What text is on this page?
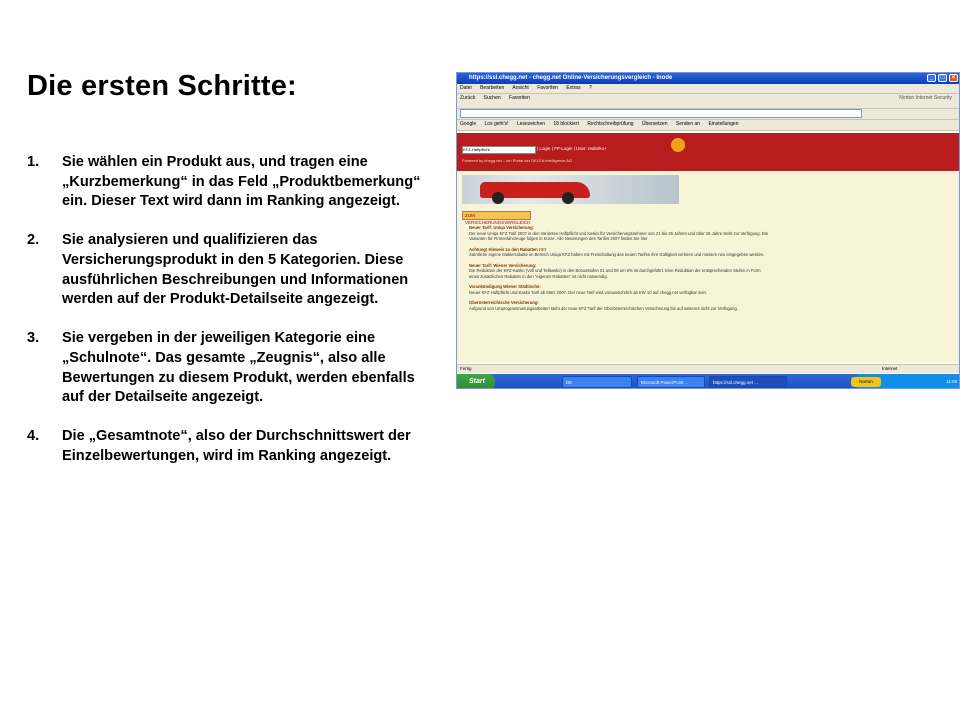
Die ersten Schritte:
1. Sie wählen ein Produkt aus, und tragen eine „Kurzbemerkung“ in das Feld „Produktbemerkung“ ein. Dieser Text wird dann im Ranking angezeigt.
2. Sie analysieren und qualifizieren das Versicherungsprodukt in den 5 Kategorien. Diese ausführlichen Beschreibungen und Informationen werden auf der Produkt-Detailseite angezeigt.
3. Sie vergeben in der jeweiligen Kategorie eine „Schulnote“. Das gesamte „Zeugnis“, also alle Bewertungen zu diesem Produkt, werden ebenfalls auf der Detailseite angezeigt.
4. Die „Gesamtnote“, also der Durchschnittswert der Einzelbewertungen, wird im Ranking angezeigt.
https://ssl.chegg.net - chegg.net Online-Versicherungsvergleich - Inode	_	□	×
Datei Bearbeiten Ansicht Favoriten Extras ?
Zurück Suchen Favoriten	Norton Internet Security
Google Los geht's! Lesezeichen 18 blockiert Rechtschreibprüfung Übersetzen Senden an Einstellungen
KFZ-Haftpflicht	| Login | FP-Login | User: redimko+
Powered by chegg.net – ein Portal der DELSA Intelligence AG
ZUM VERSICHERUNGSVERGLEICH

Neuer Tarif: Uniqa Versicherung:
Der neue Uniqa KFZ Tarif 2007 in den Varianten Haftpflicht und Kasko für Versicherungsnehmer von 21 bis 26 Jahren und über 26 Jahre steht zur Verfügung. Die Varianten für Firmenfahrzeuge folgen in Kürze. Alle Neuerungen des Tarifes 2007 finden Sie hier

Achtung! Hinweis zu den Rabatten !!!!!
Sämtliche eigene Maklerrabatte im Bereich Uniqa KFZ haben mit Freischaltung des neuen Tarifes ihre Gültigkeit verloren und müssen neu eingegeben werden.

Neuer Tarif: Wiener Versicherung:
Die Reduktion der KFZ-Kasko (Voll und Teilkasko) in den Bonusstufen 01 und 00 um 6% ist durchgeführt. Eine Reduktion der entsprechenden Stufen in Form eines zusätzlichen Rabattes in den "eigenen Rabatten" ist nicht notwendig.

Vorankündigung Wiener Städtische:
Neuer KFZ Haftpflicht und Kasko Tarif ab März 2007. Der neue Tarif wird voraussichtlich ab KW 10 auf chegg.net verfügbar sein.

Oberösterreichische Versicherung:
Aufgrund von Umprogrammierungsarbeiten steht der neue KFZ Tarif der Oberösterreichischen Versicherung bis auf weiteres nicht zur Verfügung.

Fertig	Internet
Start	DE	Microsoft PowerPoint ...	https://ssl.chegg.net ...	11:09
Norton
